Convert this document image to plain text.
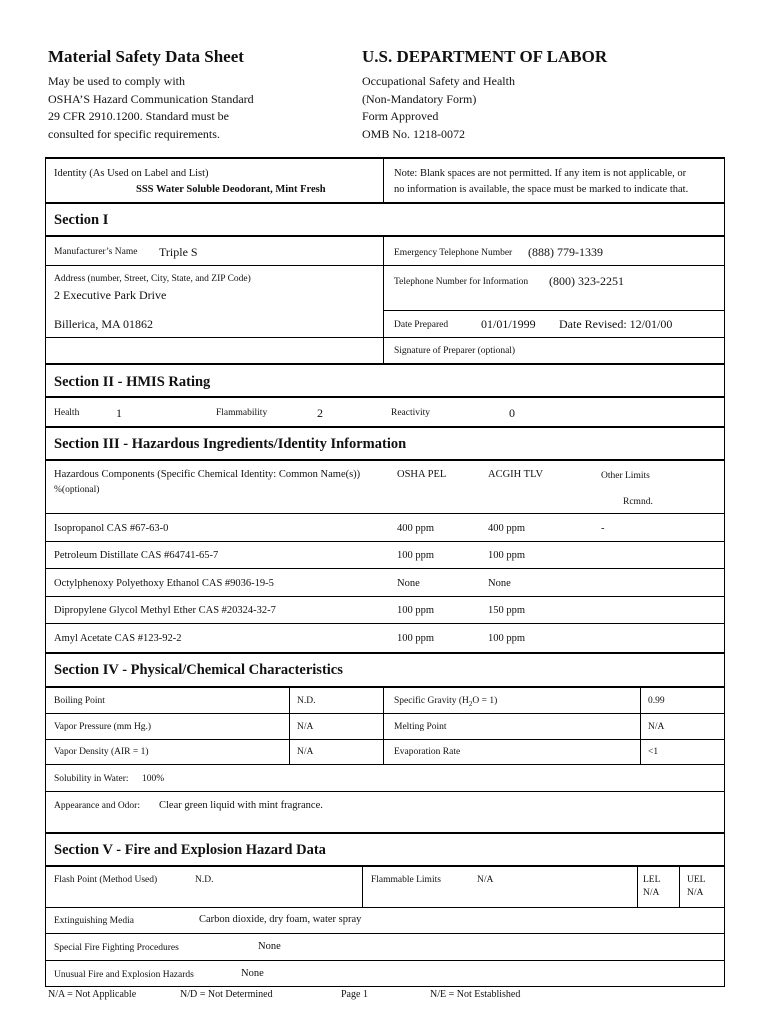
Material Safety Data Sheet
May be used to comply with
OSHA’S Hazard Communication Standard
29 CFR 2910.1200. Standard must be
consulted for specific requirements.
U.S. DEPARTMENT OF LABOR
Occupational Safety and Health
(Non-Mandatory Form)
Form Approved
OMB No. 1218-0072
Identity (As Used on Label and List)
SSS Water Soluble Deodorant, Mint Fresh
Note: Blank spaces are not permitted. If any item is not applicable, or
no information is available, the space must be marked to indicate that.
Section I
Manufacturer’s Name Triple S	Emergency Telephone Number (888) 779-1339
Address (number, Street, City, State, and ZIP Code)
2 Executive Park Drive
Telephone Number for Information (800) 323-2251
Billerica, MA 01862	Date Prepared	01/01/1999 Date Revised: 12/01/00
Signature of Preparer (optional)
Section II - HMIS Rating
Health	1	Flammability	2	Reactivity	0
Section III - Hazardous Ingredients/Identity Information
Hazardous Components (Specific Chemical Identity: Common Name(s))
%(optional)
OSHA PEL	ACGIH TLV	Other Limits
Rcmnd.
Isopropanol CAS #67-63-0	400 ppm	400 ppm	-
Petroleum Distillate CAS #64741-65-7	100 ppm	100 ppm
Octylphenoxy Polyethoxy Ethanol CAS #9036-19-5	None	None
Dipropylene Glycol Methyl Ether CAS #20324-32-7	100 ppm	150 ppm
Amyl Acetate CAS #123-92-2	100 ppm	100 ppm
Section IV - Physical/Chemical Characteristics
Boiling Point	N.D.	Specific Gravity $(H_2O = 1)$	0.99
Vapor Pressure (mm Hg.)	N/A	Melting Point	N/A
Vapor Density (AIR = 1)	N/A	Evaporation Rate	<1
Solubility in Water: 100%
Appearance and Odor: Clear green liquid with mint fragrance.
Section V - Fire and Explosion Hazard Data
Flash Point (Method Used)	N.D.	Flammable Limits	N/A	LEL
N/A
UEL
N/A
Extinguishing Media	Carbon dioxide, dry foam, water spray
Special Fire Fighting Procedures	None
Unusual Fire and Explosion Hazards	None
N/A = Not Applicable	N/D = Not Determined	Page 1	N/E = Not Established
